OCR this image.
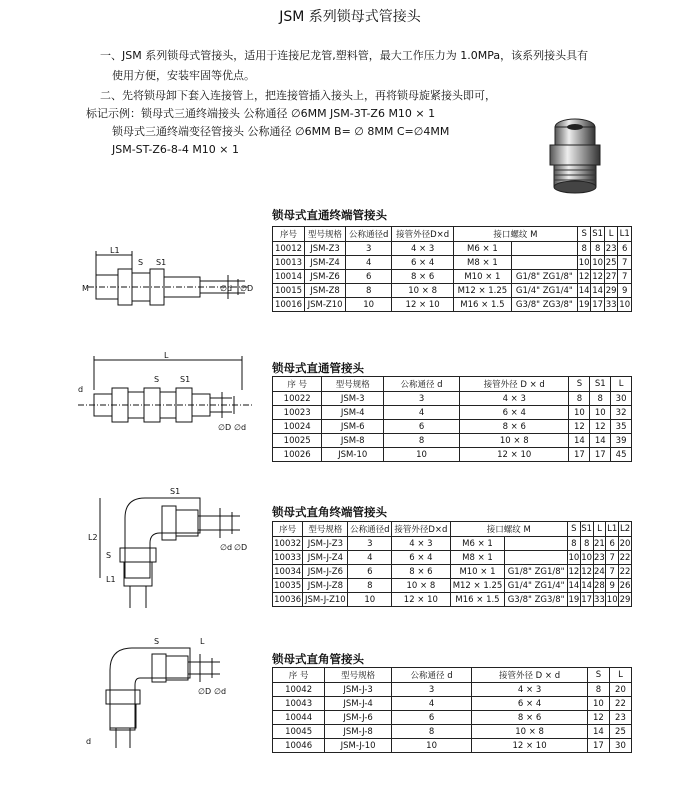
JSM 系列锁母式管接头
一、JSM 系列锁母式管接头，适用于连接尼龙管,塑料管，最大工作压力为 1.0MPa，该系列接头具有
使用方便，安装牢固等优点。
二、先将锁母卸下套入连接管上，把连接管插入接头上，再将锁母旋紧接头即可，
标记示例：锁母式三通终端接头 公称通径 ∅6MM JSM-3T-Z6 M10 × 1
锁母式三通终端变径管接头 公称通径 ∅6MM B= ∅ 8MM C=∅4MM
JSM-ST-Z6-8-4 M10 × 1
锁母式直通终端管接头
L1
S S1
M	∅d ∅D
序号	型号规格	公称通径d	接管外径D×d	接口螺纹 M		S	S1	L	L1
10012	JSM-Z3	3	4 × 3	M6 × 1		8	8	23	6
10013	JSM-Z4	4	6 × 4	M8 × 1		10	10	25	7
10014	JSM-Z6	6	8 × 6	M10 × 1	G1/8" ZG1/8"	12	12	27	7
10015	JSM-Z8	8	10 × 8	M12 × 1.25	G1/4" ZG1/4"	14	14	29	9
10016	JSM-Z10	10	12 × 10	M16 × 1.5	G3/8" ZG3/8"	19	17	33	10
锁母式直通管接头
L
S	S1
d
∅D ∅d
序 号	型号规格	公称通径 d	接管外径 D × d	S	S1	L
10022	JSM-3	3	4 × 3	8	8	30
10023	JSM-4	4	6 × 4	10	10	32
10024	JSM-6	6	8 × 6	12	12	35
10025	JSM-8	8	10 × 8	14	14	39
10026	JSM-10	10	12 × 10	17	17	45
锁母式直角终端管接头
S1
L2
S
L1
∅d ∅D
序号	型号规格	公称通径d	接管外径D×d	接口螺纹 M		S	S1	L	L1	L2
10032	JSM-J-Z3	3	4 × 3	M6 × 1		8	8	21	6	20
10033	JSM-J-Z4	4	6 × 4	M8 × 1		10	10	23	7	22
10034	JSM-J-Z6	6	8 × 6	M10 × 1	G1/8" ZG1/8"	12	12	24	7	22
10035	JSM-J-Z8	8	10 × 8	M12 × 1.25	G1/4" ZG1/4"	14	14	28	9	26
10036	JSM-J-Z10	10	12 × 10	M16 × 1.5	G3/8" ZG3/8"	19	17	33	10	29
锁母式直角管接头
L
S
d
∅D ∅d
序 号	型号规格	公称通径 d	接管外径 D × d	S	L
10042	JSM-J-3	3	4 × 3	8	20
10043	JSM-J-4	4	6 × 4	10	22
10044	JSM-J-6	6	8 × 6	12	23
10045	JSM-J-8	8	10 × 8	14	25
10046	JSM-J-10	10	12 × 10	17	30
